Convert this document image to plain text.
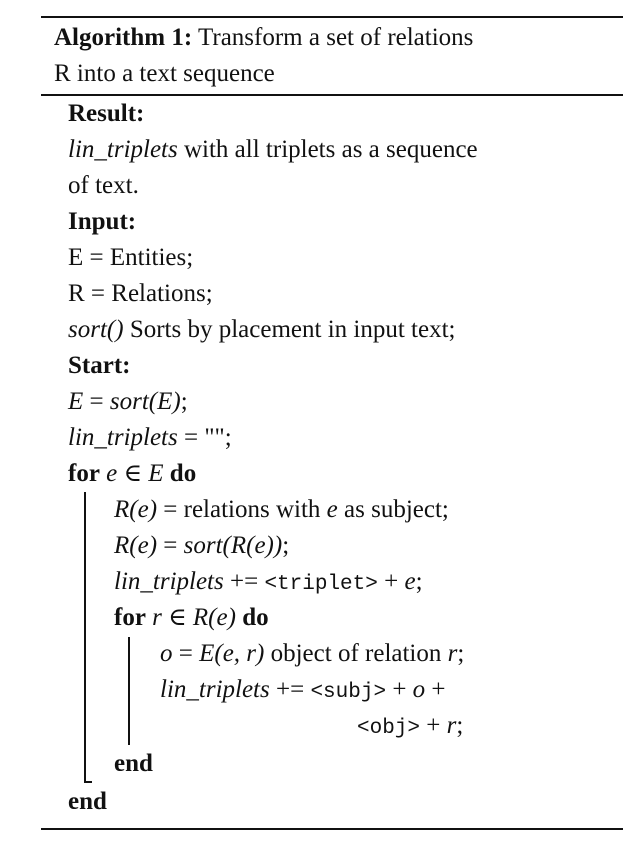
Algorithm 1: Transform a set of relations
R into a text sequence
Result:
lin_triplets with all triplets as a sequence
of text.
Input:
E = Entities;
R = Relations;
sort() Sorts by placement in input text;
Start:
E = sort(E);
lin_triplets = "";
for e ∈ E do
R(e) = relations with e as subject;
R(e) = sort(R(e));
lin_triplets += <triplet> + e;
for r ∈ R(e) do
o = E(e, r) object of relation r;
lin_triplets += <subj> + o +
<obj> + r;
end
end
